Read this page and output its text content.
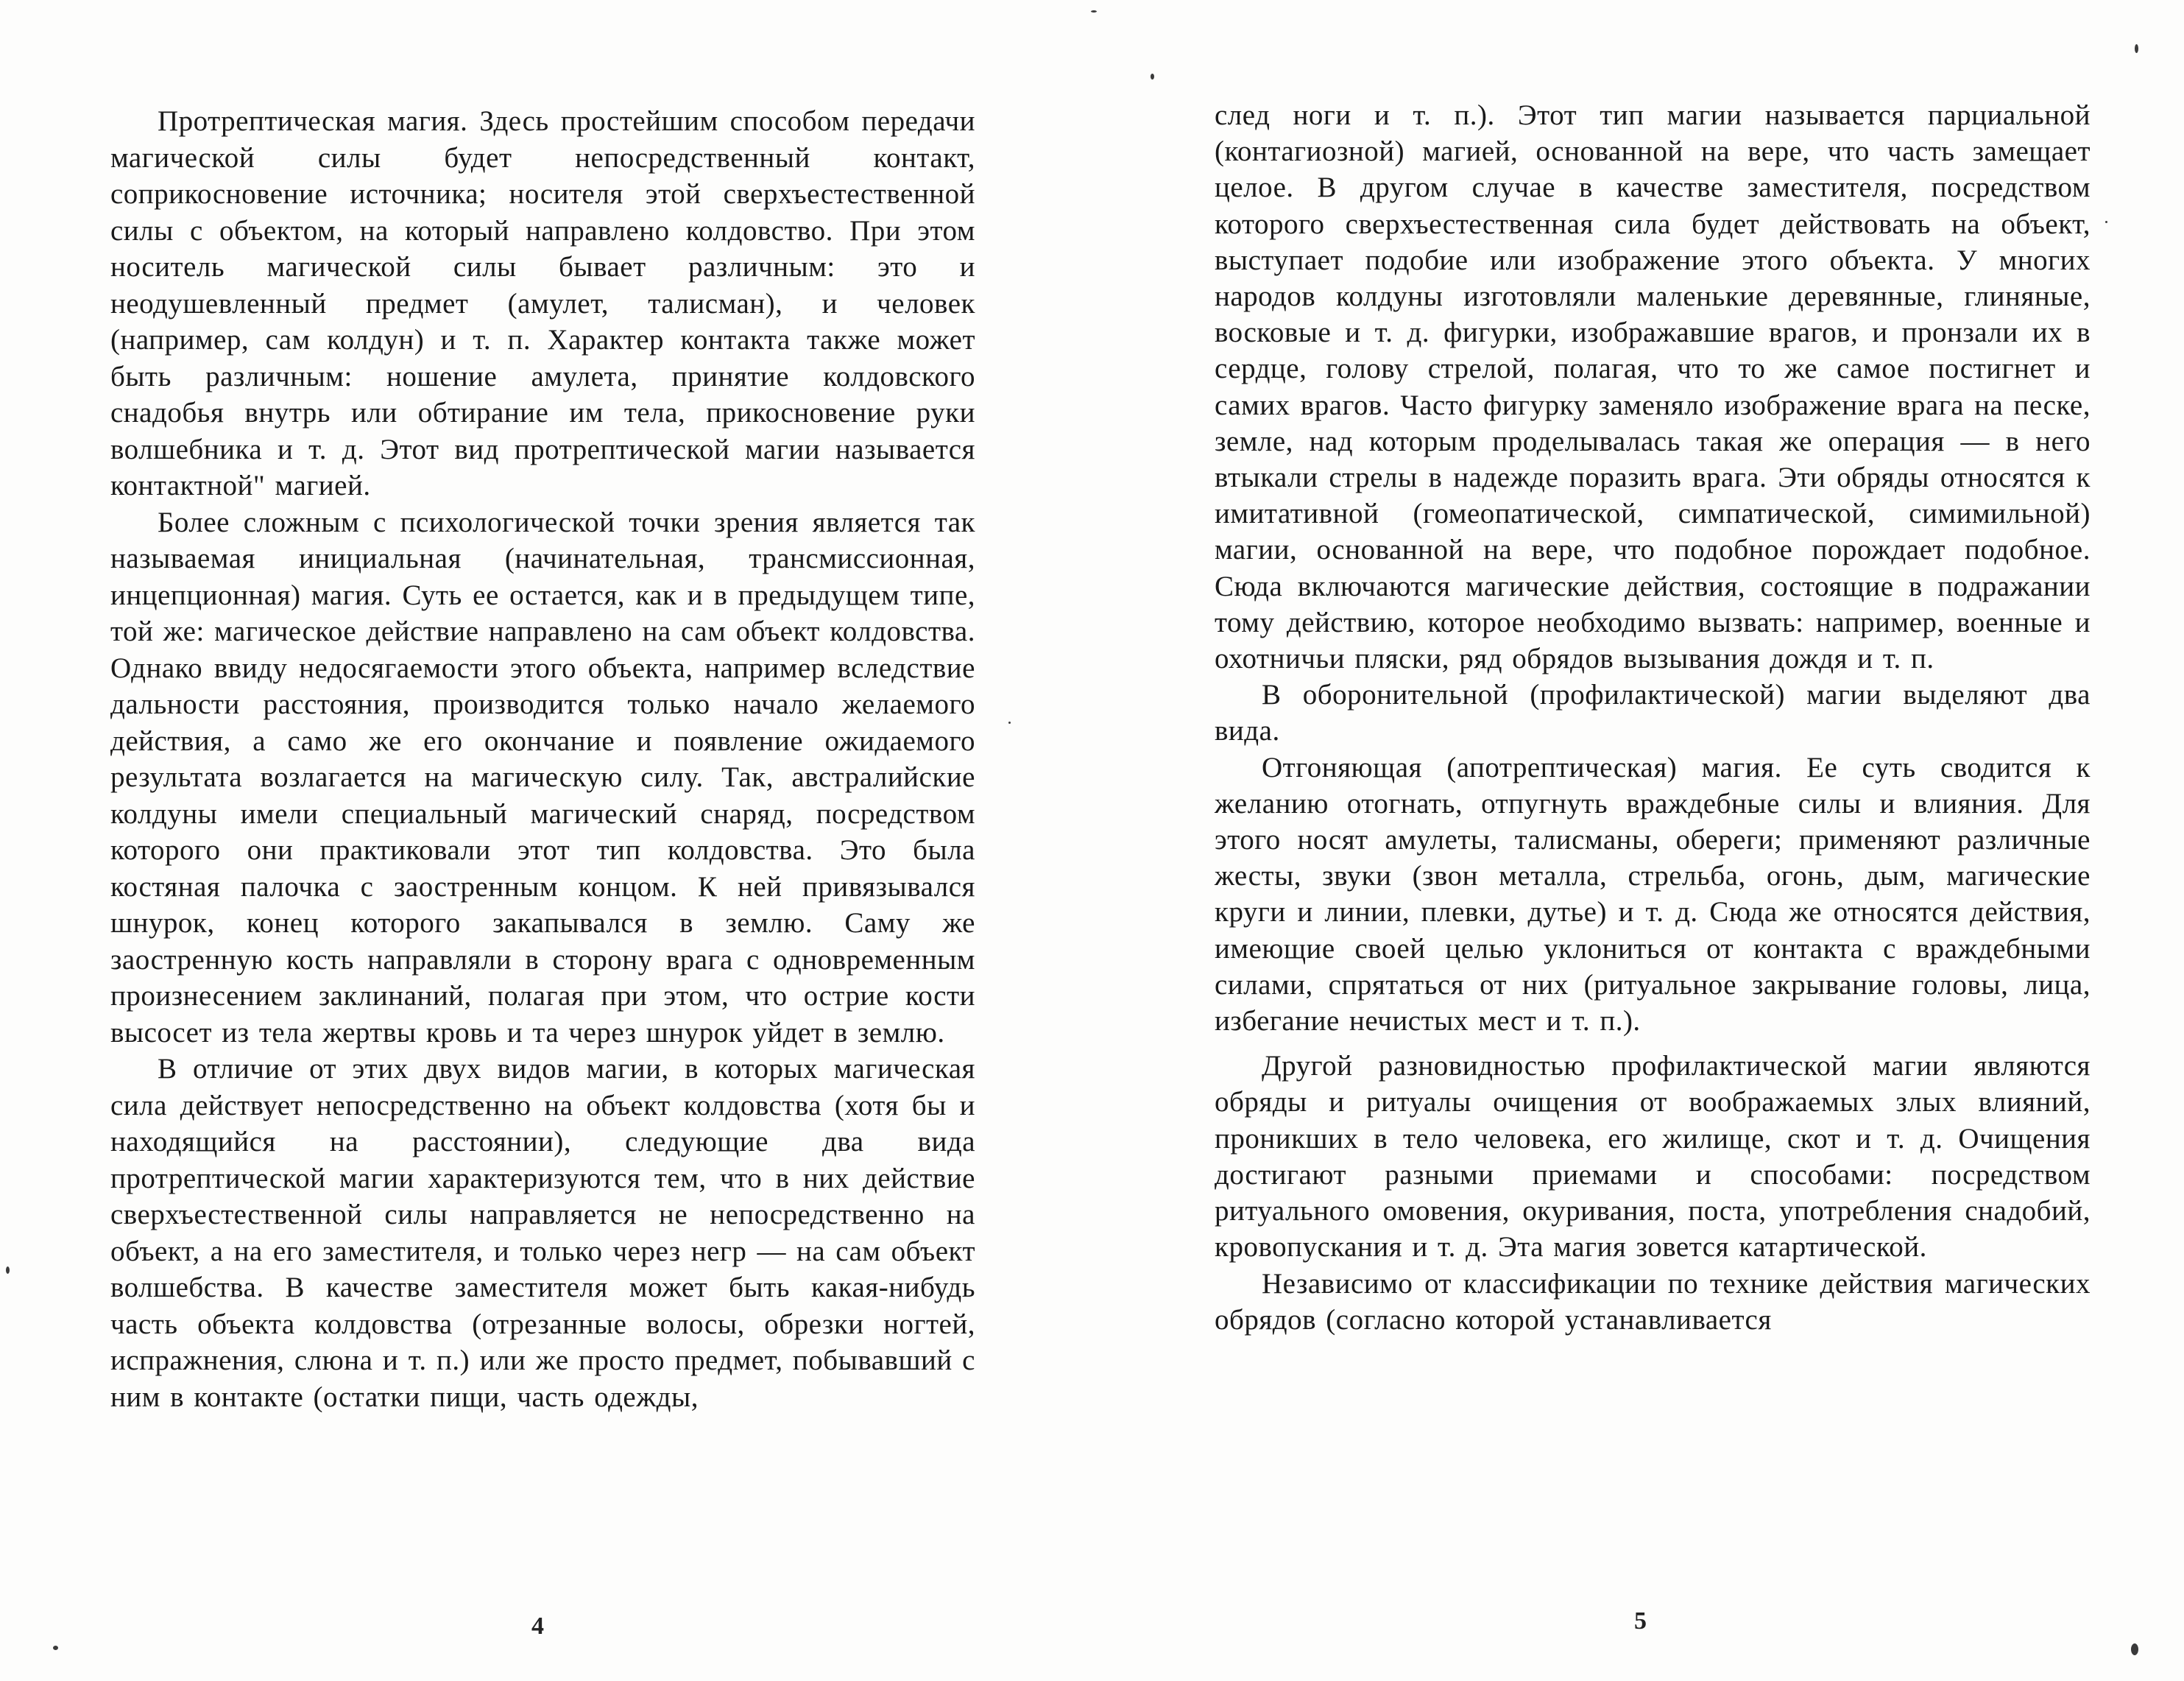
Протрептическая магия. Здесь простейшим способом передачи магической силы будет непосредственный контакт, соприкосновение источника; носителя этой сверхъестественной силы с объектом, на который направлено колдовство. При этом носитель магической силы бывает различным: это и неодушевленный предмет (амулет, талисман), и человек (например, сам колдун) и т. п. Характер контакта также может быть различным: ношение амулета, принятие колдовского снадобья внутрь или обтирание им тела, прикосновение руки волшебника и т. д. Этот вид протрептической магии называется контактной" магией.

Более сложным с психологической точки зрения является так называемая инициальная (начинательная, трансмиссионная, инцепционная) магия. Суть ее остается, как и в предыдущем типе, той же: магическое действие направлено на сам объект колдовства. Однако ввиду недосягаемости этого объекта, например вследствие дальности расстояния, производится только начало желаемого действия, а само же его окончание и появление ожидаемого результата возлагается на магическую силу. Так, австралийские колдуны имели специальный магический снаряд, посредством которого они практиковали этот тип колдовства. Это была костяная палочка с заостренным концом. К ней привязывался шнурок, конец которого закапывался в землю. Саму же заостренную кость направляли в сторону врага с одновременным произнесением заклинаний, полагая при этом, что острие кости высосет из тела жертвы кровь и та через шнурок уйдет в землю.

В отличие от этих двух видов магии, в которых магическая сила действует непосредственно на объект колдовства (хотя бы и находящийся на расстоянии), следующие два вида протрептической магии характеризуются тем, что в них действие сверхъестественной силы направляется не непосредственно на объект, а на его заместителя, и только через негр — на сам объект волшебства. В качестве заместителя может быть какая-нибудь часть объекта колдовства (отрезанные волосы, обрезки ногтей, испражнения, слюна и т. п.) или же просто предмет, побывавший с ним в контакте (остатки пищи, часть одежды,

след ноги и т. п.). Этот тип магии называется парциальной (контагиозной) магией, основанной на вере, что часть замещает целое. В другом случае в качестве заместителя, посредством которого сверхъестественная сила будет действовать на объект, выступает подобие или изображение этого объекта. У многих народов колдуны изготовляли маленькие деревянные, глиняные, восковые и т. д. фигурки, изображавшие врагов, и пронзали их в сердце, голову стрелой, полагая, что то же самое постигнет и самих врагов. Часто фигурку заменяло изображение врага на песке, земле, над которым проделывалась такая же операция — в него втыкали стрелы в надежде поразить врага. Эти обряды относятся к имитативной (гомеопатической, симпатической, симимильной) магии, основанной на вере, что подобное порождает подобное. Сюда включаются магические действия, состоящие в подражании тому действию, которое необходимо вызвать: например, военные и охотничьи пляски, ряд обрядов вызывания дождя и т. п.

В оборонительной (профилактической) магии выделяют два вида.

Отгоняющая (апотрептическая) магия. Ее суть сводится к желанию отогнать, отпугнуть враждебные силы и влияния. Для этого носят амулеты, талисманы, обереги; применяют различные жесты, звуки (звон металла, стрельба, огонь, дым, магические круги и линии, плевки, дутье) и т. д. Сюда же относятся действия, имеющие своей целью уклониться от контакта с враждебными силами, спрятаться от них (ритуальное закрывание головы, лица, избегание нечистых мест и т. п.).

Другой разновидностью профилактической магии являются обряды и ритуалы очищения от воображаемых злых влияний, проникших в тело человека, его жилище, скот и т. д. Очищения достигают разными приемами и способами: посредством ритуального омовения, окуривания, поста, употребления снадобий, кровопускания и т. д. Эта магия зовется катартической.

Независимо от классификации по технике действия магических обрядов (согласно которой устанавливается

4	5
